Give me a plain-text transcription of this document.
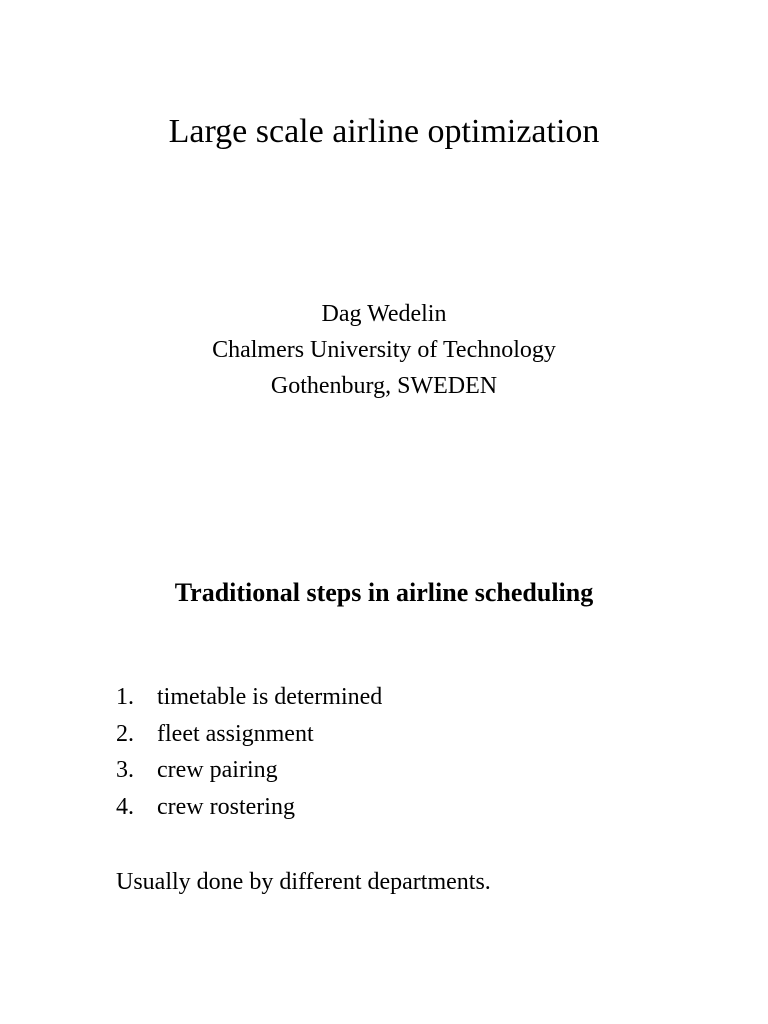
Large scale airline optimization
Dag Wedelin
Chalmers University of Technology
Gothenburg, SWEDEN
Traditional steps in airline scheduling
1. timetable is determined
2. fleet assignment
3. crew pairing
4. crew rostering
Usually done by different departments.
